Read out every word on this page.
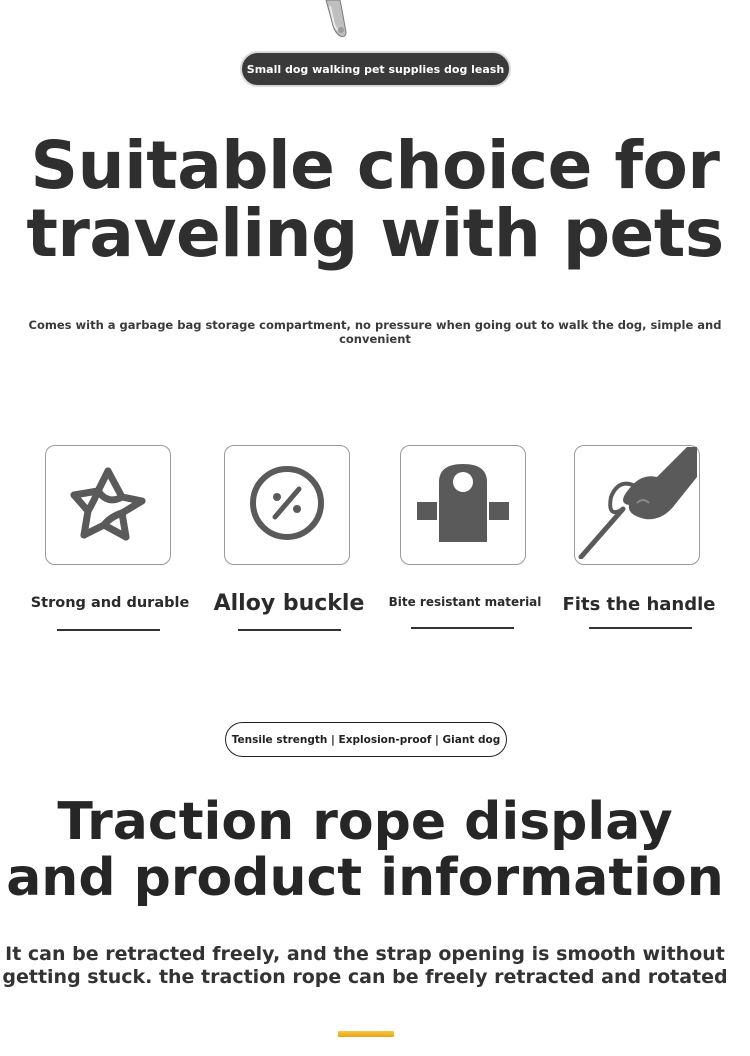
Small dog walking pet supplies dog leash
Suitable choice for
traveling with pets

Comes with a garbage bag storage compartment, no pressure when going out to walk the dog, simple and convenient

Strong and durable	Alloy buckle	Bite resistant material	Fits the handle
Tensile strength | Explosion-proof | Giant dog
Traction rope display
and product information

It can be retracted freely, and the strap opening is smooth without
getting stuck. the traction rope can be freely retracted and rotated
